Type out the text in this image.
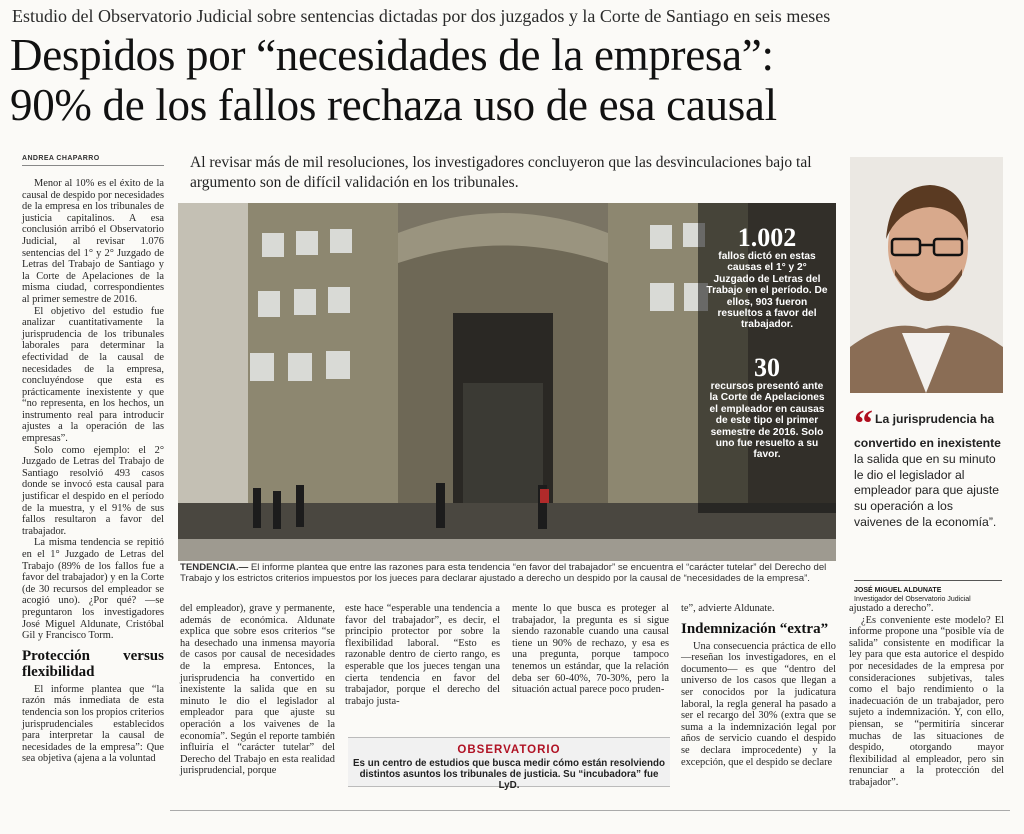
Estudio del Observatorio Judicial sobre sentencias dictadas por dos juzgados y la Corte de Santiago en seis meses
Despidos por “necesidades de la empresa”:
90% de los fallos rechaza uso de esa causal
ANDREA CHAPARRO	Al revisar más de mil resoluciones, los investigadores concluyeron que las desvinculaciones bajo tal argumento son de difícil validación en los tribunales.

Menor al 10% es el éxito de la causal de despido por necesidades de la empresa en los tribunales de justicia capitalinos. A esa conclusión arribó el Observatorio Judicial, al revisar 1.076 sentencias del 1° y 2° Juzgado de Letras del Trabajo de Santiago y la Corte de Apelaciones de la misma ciudad, correspondientes al primer semestre de 2016.

El objetivo del estudio fue analizar cuantitativamente la jurisprudencia de los tribunales laborales para determinar la efectividad de la causal de necesidades de la empresa, concluyéndose que esta es prácticamente inexistente y que “no representa, en los hechos, un instrumento real para introducir ajustes a la operación de las empresas”.

Solo como ejemplo: el 2° Juzgado de Letras del Trabajo de Santiago resolvió 493 casos donde se invocó esta causal para justificar el despido en el período de la muestra, y el 91% de sus fallos resultaron a favor del trabajador.

La misma tendencia se repitió en el 1° Juzgado de Letras del Trabajo (89% de los fallos fue a favor del trabajador) y en la Corte (de 30 recursos del empleador se acogió uno). ¿Por qué? —se preguntaron los investigadores José Miguel Aldunate, Cristóbal Gil y Francisco Torm.

Protección versus flexibilidad

El informe plantea que “la razón más inmediata de esta tendencia son los propios criterios jurisprudenciales establecidos para interpretar la causal de necesidades de la empresa”: Que sea objetiva (ajena a la voluntad

1.002
fallos dictó en estas causas el 1° y 2° Juzgado de Letras del Trabajo en el período. De ellos, 903 fueron resueltos a favor del trabajador.
30
recursos presentó ante la Corte de Apelaciones el empleador en causas de este tipo el primer semestre de 2016. Solo uno fue resuelto a su favor.
TENDENCIA.— El informe plantea que entre las razones para esta tendencia “en favor del trabajador” se encuentra el “carácter tutelar” del Derecho del Trabajo y los estrictos criterios impuestos por los jueces para declarar ajustado a derecho un despido por la causal de “necesidades de la empresa”.

del empleador), grave y permanente, además de económica. Aldunate explica que sobre esos criterios “se ha desechado una inmensa mayoría de casos por causal de necesidades de la empresa. Entonces, la jurisprudencia ha convertido en inexistente la salida que en su minuto le dio el legislador al empleador para que ajuste su operación a los vaivenes de la economía”. Según el reporte también influiría el “carácter tutelar” del Derecho del Trabajo en esta realidad jurisprudencial, porque

este hace “esperable una tendencia a favor del trabajador”, es decir, el principio protector por sobre la flexibilidad laboral. “Esto es razonable dentro de cierto rango, es esperable que los jueces tengan una cierta tendencia en favor del trabajador, porque el derecho del trabajo justa-

mente lo que busca es proteger al trabajador, la pregunta es si sigue siendo razonable cuando una causal tiene un 90% de rechazo, y esa es una pregunta, porque tampoco tenemos un estándar, que la relación deba ser 60-40%, 70-30%, pero la situación actual parece poco pruden-

OBSERVATORIO
Es un centro de estudios que busca medir cómo están resolviendo distintos asuntos los tribunales de justicia. Su “incubadora” fue LyD.

te”, advierte Aldunate.

Indemnización “extra”

Una consecuencia práctica de ello —reseñan los investigadores, en el documento— es que “dentro del universo de los casos que llegan a ser conocidos por la judicatura laboral, la regla general ha pasado a ser el recargo del 30% (extra que se suma a la indemnización legal por años de servicio cuando el despido se declara improcedente) y la excepción, que el despido se declare

ajustado a derecho”.

¿Es conveniente este modelo? El informe propone una “posible vía de salida” consistente en modificar la ley para que esta autorice el despido por necesidades de la empresa por consideraciones subjetivas, tales como el bajo rendimiento o la inadecuación de un trabajador, pero sujeto a indemnización. Y, con ello, piensan, se “permitiría sincerar muchas de las situaciones de despido, otorgando mayor flexibilidad al empleador, pero sin renunciar a la protección del trabajador”.

“ La jurisprudencia ha convertido en inexistente la salida que en su minuto le dio el legislador al empleador para que ajuste su operación a los vaivenes de la economía”.
JOSÉ MIGUEL ALDUNATE
Investigador del Observatorio Judicial
